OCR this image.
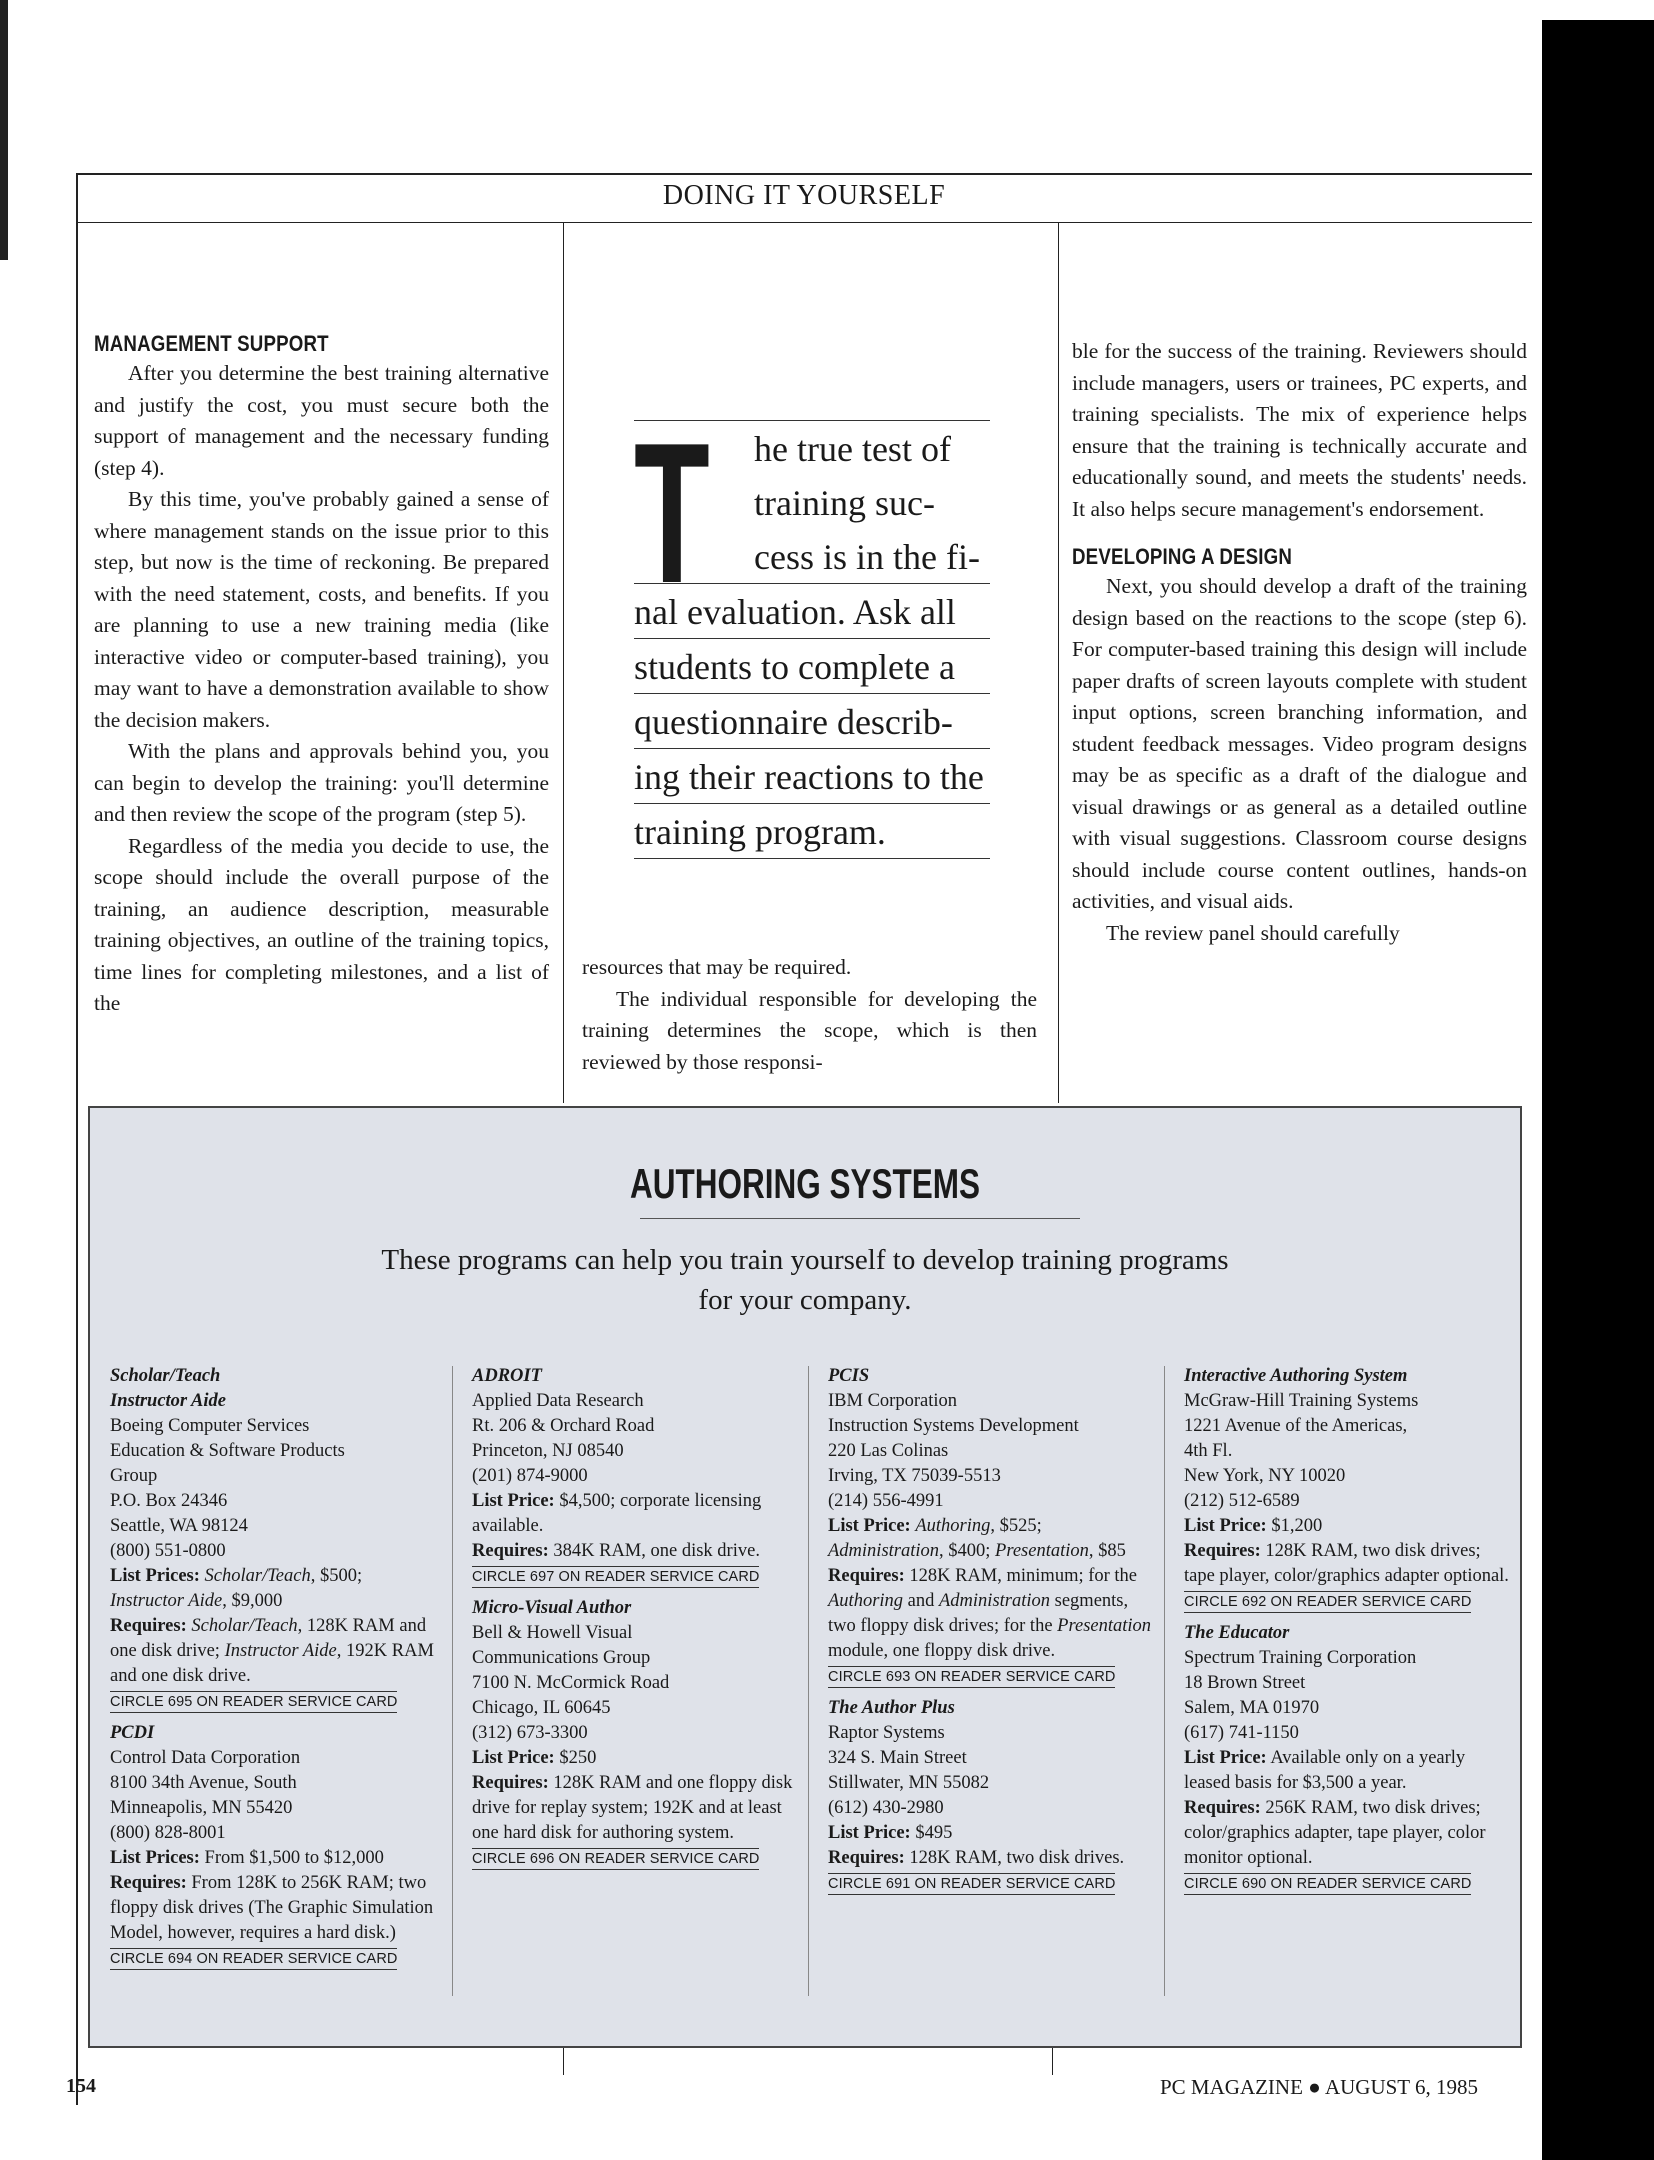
DOING IT YOURSELF
MANAGEMENT SUPPORT

After you determine the best training alternative and justify the cost, you must secure both the support of management and the necessary funding (step 4).

By this time, you've probably gained a sense of where management stands on the issue prior to this step, but now is the time of reckoning. Be prepared with the need statement, costs, and benefits. If you are planning to use a new training media (like interactive video or computer-based training), you may want to have a demonstration available to show the decision makers.

With the plans and approvals behind you, you can begin to develop the training: you'll determine and then review the scope of the program (step 5).

Regardless of the media you decide to use, the scope should include the overall purpose of the training, an audience description, measurable training objectives, an outline of the training topics, time lines for completing milestones, and a list of the

T	he true test of
training suc-
cess is in the fi-
nal evaluation. Ask all
students to complete a
questionnaire describ-
ing their reactions to the
training program.

resources that may be required.

The individual responsible for developing the training determines the scope, which is then reviewed by those responsi-

ble for the success of the training. Reviewers should include managers, users or trainees, PC experts, and training specialists. The mix of experience helps ensure that the training is technically accurate and educationally sound, and meets the students' needs. It also helps secure management's endorsement.

DEVELOPING A DESIGN

Next, you should develop a draft of the training design based on the reactions to the scope (step 6). For computer-based training this design will include paper drafts of screen layouts complete with student input options, screen branching information, and student feedback messages. Video program designs may be as specific as a draft of the dialogue and visual drawings or as general as a detailed outline with visual suggestions. Classroom course designs should include course content outlines, hands-on activities, and visual aids.

The review panel should carefully

AUTHORING SYSTEMS
These programs can help you train yourself to develop training programs
for your company.
Scholar/Teach
Instructor Aide
Boeing Computer Services
Education & Software Products
Group
P.O. Box 24346
Seattle, WA 98124
(800) 551-0800
List Prices: Scholar/Teach, $500; Instructor Aide, $9,000
Requires: Scholar/Teach, 128K RAM and one disk drive; Instructor Aide, 192K RAM and one disk drive.
CIRCLE 695 ON READER SERVICE CARD
PCDI
Control Data Corporation
8100 34th Avenue, South
Minneapolis, MN 55420
(800) 828-8001
List Prices: From $1,500 to $12,000
Requires: From 128K to 256K RAM; two floppy disk drives (The Graphic Simulation Model, however, requires a hard disk.)
CIRCLE 694 ON READER SERVICE CARD
ADROIT
Applied Data Research
Rt. 206 & Orchard Road
Princeton, NJ 08540
(201) 874-9000
List Price: $4,500; corporate licensing available.
Requires: 384K RAM, one disk drive.
CIRCLE 697 ON READER SERVICE CARD
Micro-Visual Author
Bell & Howell Visual
Communications Group
7100 N. McCormick Road
Chicago, IL 60645
(312) 673-3300
List Price: $250
Requires: 128K RAM and one floppy disk drive for replay system; 192K and at least one hard disk for authoring system.
CIRCLE 696 ON READER SERVICE CARD
PCIS
IBM Corporation
Instruction Systems Development
220 Las Colinas
Irving, TX 75039-5513
(214) 556-4991
List Price: Authoring, $525; Administration, $400; Presentation, $85
Requires: 128K RAM, minimum; for the Authoring and Administration segments, two floppy disk drives; for the Presentation module, one floppy disk drive.
CIRCLE 693 ON READER SERVICE CARD
The Author Plus
Raptor Systems
324 S. Main Street
Stillwater, MN 55082
(612) 430-2980
List Price: $495
Requires: 128K RAM, two disk drives.
CIRCLE 691 ON READER SERVICE CARD
Interactive Authoring System
McGraw-Hill Training Systems
1221 Avenue of the Americas,
4th Fl.
New York, NY 10020
(212) 512-6589
List Price: $1,200
Requires: 128K RAM, two disk drives; tape player, color/graphics adapter optional.
CIRCLE 692 ON READER SERVICE CARD
The Educator
Spectrum Training Corporation
18 Brown Street
Salem, MA 01970
(617) 741-1150
List Price: Available only on a yearly leased basis for $3,500 a year.
Requires: 256K RAM, two disk drives; color/graphics adapter, tape player, color monitor optional.
CIRCLE 690 ON READER SERVICE CARD
154	PC MAGAZINE ● AUGUST 6, 1985
